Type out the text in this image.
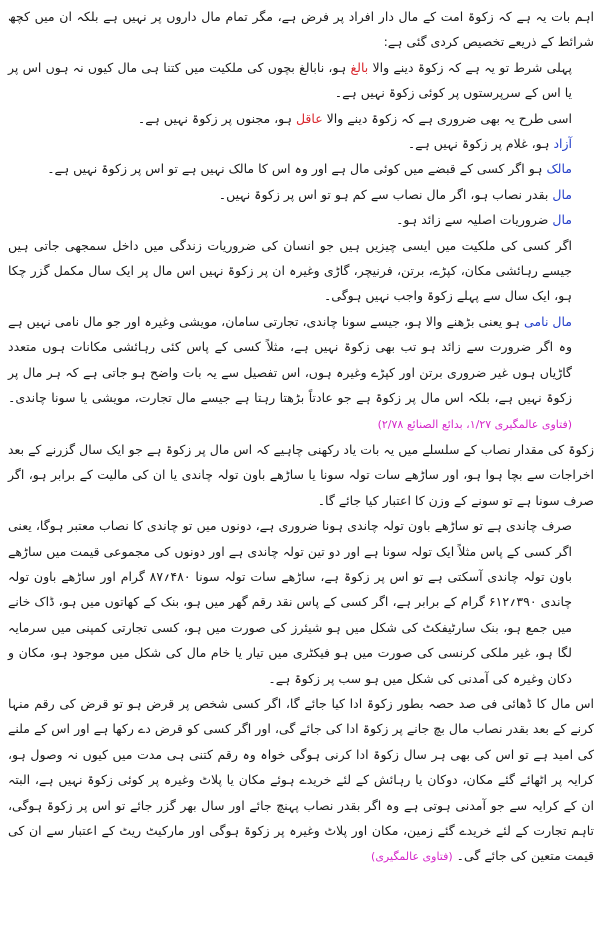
اہم بات یہ ہے کہ زکوۃ امت کے مال دار افراد پر فرض ہے، مگر تمام مال داروں پر نہیں ہے بلکہ ان میں کچھ شرائط کے ذریعے تخصیص کردی گئی ہے:

پہلی شرط تو یہ ہے کہ زکوۃ دینے والا بالغ ہو، نابالغ بچوں کی ملکیت میں کتنا ہی مال کیوں نہ ہوں اس پر یا اس کے سرپرستوں پر کوئی زکوۃ نہیں ہے۔

اسی طرح یہ بھی ضروری ہے کہ زکوۃ دینے والا عاقل ہو، مجنوں پر زکوۃ نہیں ہے۔

آزاد ہو، غلام پر زکوۃ نہیں ہے۔

مالک ہو اگر کسی کے قبضے میں کوئی مال ہے اور وہ اس کا مالک نہیں ہے تو اس پر زکوۃ نہیں ہے۔

مال بقدر نصاب ہو، اگر مال نصاب سے کم ہو تو اس پر زکوۃ نہیں۔

مال ضروریات اصلیہ سے زائد ہو۔

اگر کسی کی ملکیت میں ایسی چیزیں ہیں جو انسان کی ضروریات زندگی میں داخل سمجھی جاتی ہیں جیسے رہائشی مکان، کپڑے، برتن، فرنیچر، گاڑی وغیرہ ان پر زکوۃ نہیں اس مال پر ایک سال مکمل گزر چکا ہو، ایک سال سے پہلے زکوۃ واجب نہیں ہوگی۔

مال نامی ہو یعنی بڑھنے والا ہو، جیسے سونا چاندی، تجارتی سامان، مویشی وغیرہ اور جو مال نامی نہیں ہے وہ اگر ضرورت سے زائد ہو تب بھی زکوۃ نہیں ہے، مثلاً کسی کے پاس کئی رہائشی مکانات ہوں متعدد گاڑیاں ہوں غیر ضروری برتن اور کپڑے وغیرہ ہوں، اس تفصیل سے یہ بات واضح ہو جاتی ہے کہ ہر مال پر زکوۃ نہیں ہے، بلکہ اس مال پر زکوۃ ہے جو عادتاً بڑھتا رہتا ہے جیسے مال تجارت، مویشی یا سونا چاندی۔ (فتاوی عالمگیری ۱/۲۷، بدائع الصنائع ۲/۷۸)

زکوۃ کی مقدار نصاب کے سلسلے میں یہ بات یاد رکھنی چاہیے کہ اس مال پر زکوۃ ہے جو ایک سال گزرنے کے بعد اخراجات سے بچا ہوا ہو، اور ساڑھے سات تولہ سونا یا ساڑھے باون تولہ چاندی یا ان کی مالیت کے برابر ہو، اگر صرف سونا ہے تو سونے کے وزن کا اعتبار کیا جائے گا۔

صرف چاندی ہے تو ساڑھے باون تولہ چاندی ہونا ضروری ہے، دونوں میں تو چاندی کا نصاب معتبر ہوگا، یعنی اگر کسی کے پاس مثلاً ایک تولہ سونا ہے اور دو تین تولہ چاندی ہے اور دونوں کی مجموعی قیمت میں ساڑھے باون تولہ چاندی آسکتی ہے تو اس پر زکوۃ ہے، ساڑھے سات تولہ سونا ۴۸۰؍۸۷ گرام اور ساڑھے باون تولہ چاندی ۳۹۰؍۶۱۲ گرام کے برابر ہے، اگر کسی کے پاس نقد رقم گھر میں ہو، بنک کے کھاتوں میں ہو، ڈاک خانے میں جمع ہو، بنک سارٹیفکٹ کی شکل میں ہو شیئرز کی صورت میں ہو، کسی تجارتی کمپنی میں سرمایہ لگا ہو، غیر ملکی کرنسی کی صورت میں ہو فیکٹری میں تیار یا خام مال کی شکل میں موجود ہو، مکان و دکان وغیرہ کی آمدنی کی شکل میں ہو سب پر زکوۃ ہے۔

اس مال کا ڈھائی فی صد حصہ بطور زکوۃ ادا کیا جائے گا، اگر کسی شخص پر قرض ہو تو قرض کی رقم منہا کرنے کے بعد بقدر نصاب مال بچ جانے پر زکوۃ ادا کی جائے گی، اور اگر کسی کو قرض دے رکھا ہے اور اس کے ملنے کی امید ہے تو اس کی بھی ہر سال زکوۃ ادا کرنی ہوگی خواہ وہ رقم کتنی ہی مدت میں کیوں نہ وصول ہو، کرایہ پر اٹھائے گئے مکان، دوکان یا رہائش کے لئے خریدے ہوئے مکان یا پلاٹ وغیرہ پر کوئی زکوۃ نہیں ہے، البتہ ان کے کرایہ سے جو آمدنی ہوتی ہے وہ اگر بقدر نصاب پہنچ جائے اور سال بھر گزر جائے تو اس پر زکوۃ ہوگی، تاہم تجارت کے لئے خریدے گئے زمین، مکان اور پلاٹ وغیرہ پر زکوۃ ہوگی اور مارکیٹ ریٹ کے اعتبار سے ان کی قیمت متعین کی جائے گی۔ (فتاوی عالمگیری)
